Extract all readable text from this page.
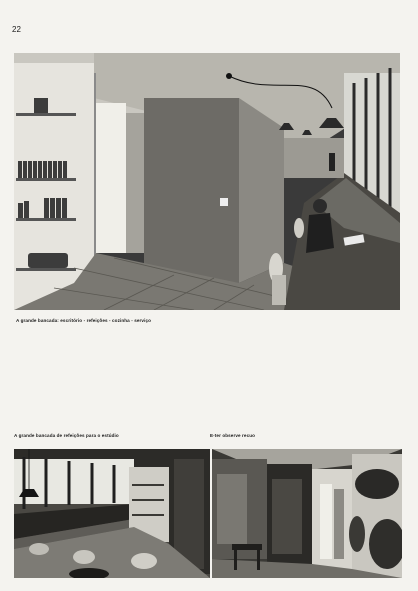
22
A grande bancada: escritório - refeições - cozinha - serviço
A grande bancada de refeições para o estúdio	E-ter observe recuo
